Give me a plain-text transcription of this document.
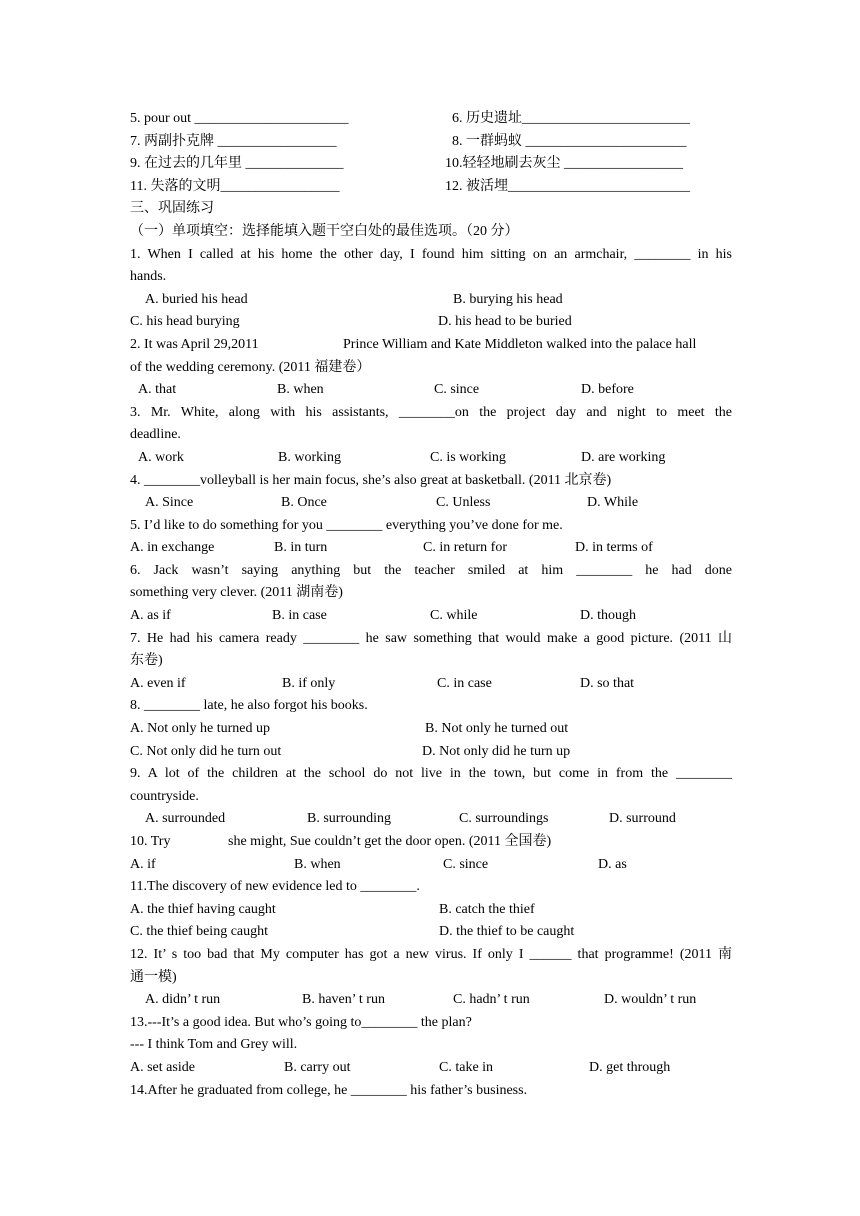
5. pour out ______________________	6. 历史遗址________________________
7. 两副扑克牌 _________________	8. 一群蚂蚁 _______________________
9. 在过去的几年里 ______________	10.轻轻地刷去灰尘 _________________
11. 失落的文明_________________	12. 被活埋__________________________
三、巩固练习
（一）单项填空：选择能填入题干空白处的最佳选项。（20 分）
1. When I called at his home the other day, I found him sitting on an armchair, ________ in his
hands.
A. buried his head	B. burying his head
C. his head burying	D. his head to be buried
2. It was April 29,2011	Prince William and Kate Middleton walked into the palace hall
of the wedding ceremony. (2011 福建卷）
A. that	B. when	C. since	D. before
3. Mr. White, along with his assistants, ________on the project day and night to meet the
deadline.
A. work	B. working	C. is working	D. are working
4. ________volleyball is her main focus, she’s also great at basketball. (2011 北京卷)
A. Since	B. Once	C. Unless	D. While
5. I’d like to do something for you ________ everything you’ve done for me.
A. in exchange	B. in turn	C. in return for	D. in terms of
6. Jack wasn’t saying anything but the teacher smiled at him ________ he had done
something very clever. (2011 湖南卷)
A. as if	B. in case	C. while	D. though
7. He had his camera ready ________ he saw something that would make a good picture. (2011 山
东卷)
A. even if	B. if only	C. in case	D. so that
8. ________ late, he also forgot his books.
A. Not only he turned up	B. Not only he turned out
C. Not only did he turn out	D. Not only did he turn up
9. A lot of the children at the school do not live in the town, but come in from the ________
countryside.
A. surrounded	B. surrounding	C. surroundings	D. surround
10. Try	she might, Sue couldn’t get the door open. (2011 全国卷)
A. if	B. when	C. since	D. as
11.The discovery of new evidence led to ________.
A. the thief having caught	B. catch the thief
C. the thief being caught	D. the thief to be caught
12. It’ s too bad that My computer has got a new virus. If only I ______ that programme! (2011 南
通一模)
A. didn’ t run	B. haven’ t run	C. hadn’ t run	D. wouldn’ t run
13.---It’s a good idea. But who’s going to________ the plan?
--- I think Tom and Grey will.
A. set aside	B. carry out	C. take in	D. get through
14.After he graduated from college, he ________ his father’s business.
